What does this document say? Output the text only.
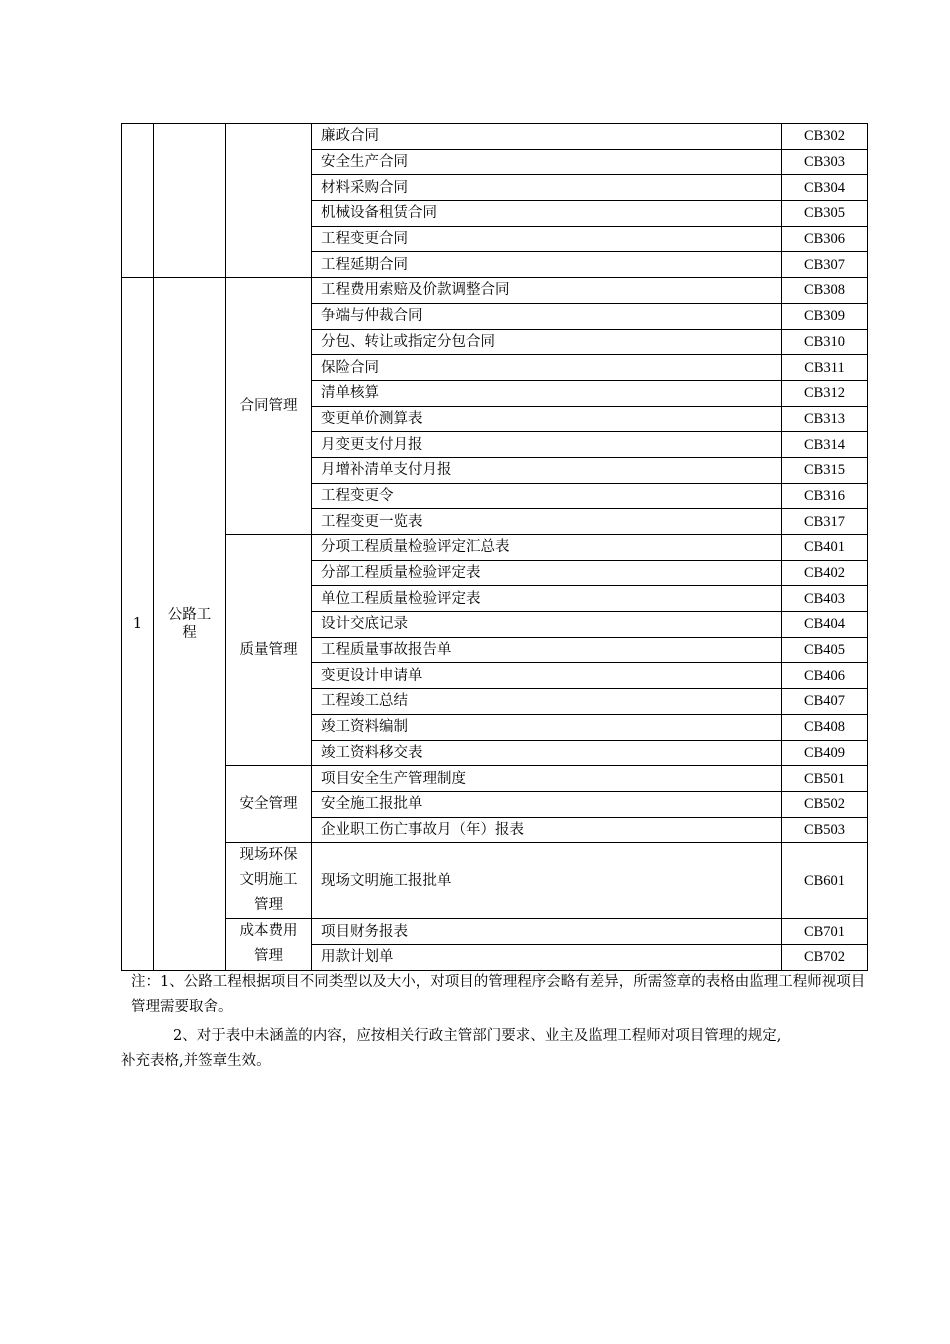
			廉政合同	CB302
			安全生产合同	CB303
			材料采购合同	CB304
			机械设备租赁合同	CB305
			工程变更合同	CB306
			工程延期合同	CB307
1	公路工程	合同管理	工程费用索赔及价款调整合同	CB308
			争端与仲裁合同	CB309
			分包、转让或指定分包合同	CB310
			保险合同	CB311
			清单核算	CB312
			变更单价测算表	CB313
			月变更支付月报	CB314
			月增补清单支付月报	CB315
			工程变更令	CB316
			工程变更一览表	CB317
		质量管理	分项工程质量检验评定汇总表	CB401
			分部工程质量检验评定表	CB402
			单位工程质量检验评定表	CB403
			设计交底记录	CB404
			工程质量事故报告单	CB405
			变更设计申请单	CB406
			工程竣工总结	CB407
			竣工资料编制	CB408
			竣工资料移交表	CB409
		安全管理	项目安全生产管理制度	CB501
			安全施工报批单	CB502
			企业职工伤亡事故月（年）报表	CB503
		现场环保文明施工管理	现场文明施工报批单	CB601
		成本费用管理	项目财务报表	CB701
			用款计划单	CB702

注：1、公路工程根据项目不同类型以及大小，对项目的管理程序会略有差异，所需签章的表格由监理工程师视项目管理需要取舍。

2、对于表中未涵盖的内容，应按相关行政主管部门要求、业主及监理工程师对项目管理的规定,

补充表格,并签章生效。
